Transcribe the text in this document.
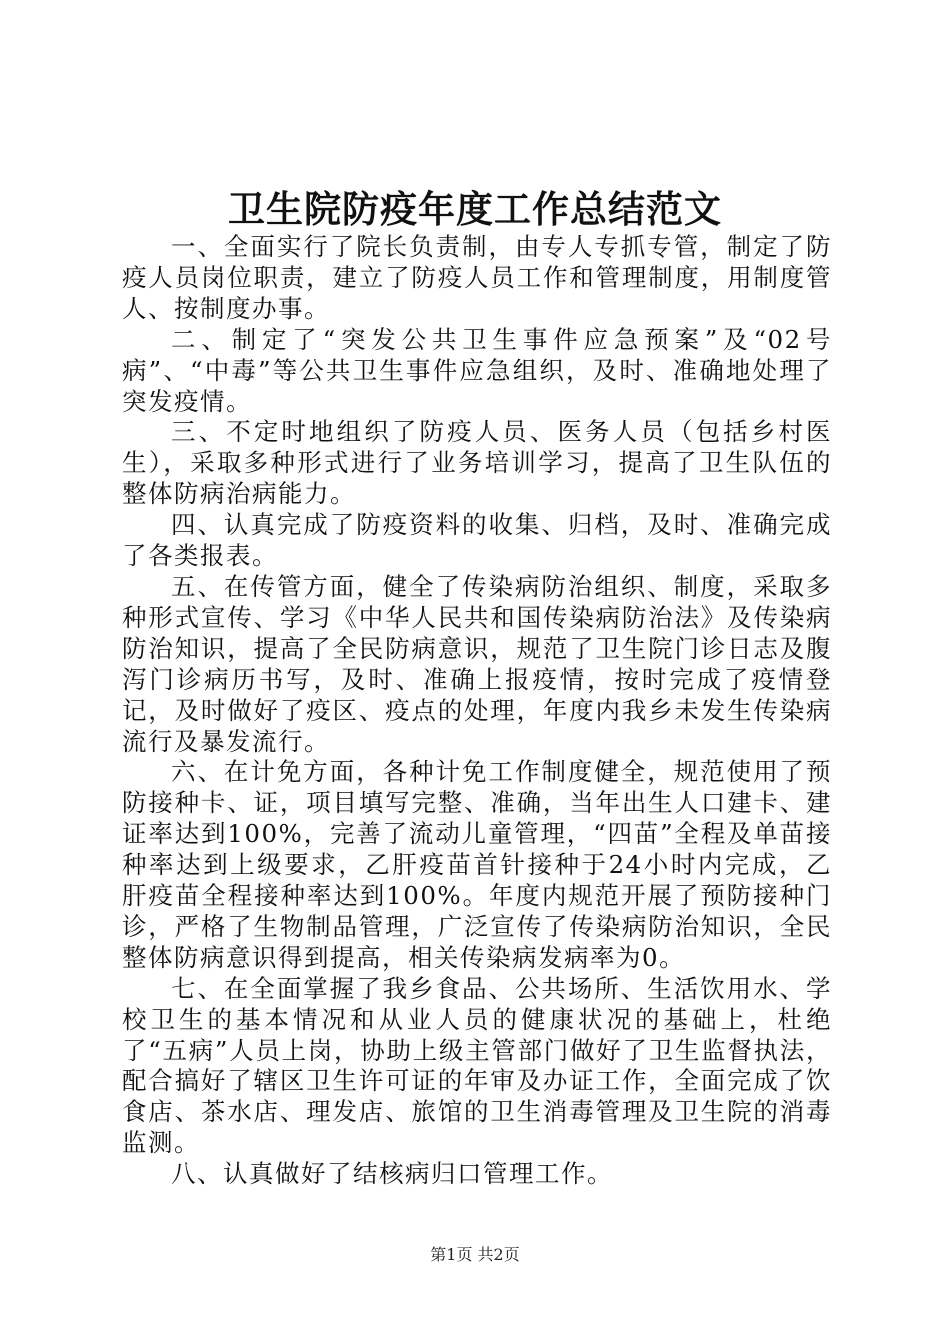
卫生院防疫年度工作总结范文

一、全面实行了院长负责制，由专人专抓专管，制定了防疫人员岗位职责，建立了防疫人员工作和管理制度，用制度管人、按制度办事。

二、制定了“突发公共卫生事件应急预案”及“02号病”、“中毒”等公共卫生事件应急组织，及时、准确地处理了突发疫情。

三、不定时地组织了防疫人员、医务人员（包括乡村医生），采取多种形式进行了业务培训学习，提高了卫生队伍的整体防病治病能力。

四、认真完成了防疫资料的收集、归档，及时、准确完成了各类报表。

五、在传管方面，健全了传染病防治组织、制度，采取多种形式宣传、学习《中华人民共和国传染病防治法》及传染病防治知识，提高了全民防病意识，规范了卫生院门诊日志及腹泻门诊病历书写，及时、准确上报疫情，按时完成了疫情登记，及时做好了疫区、疫点的处理，年度内我乡未发生传染病流行及暴发流行。

六、在计免方面，各种计免工作制度健全，规范使用了预防接种卡、证，项目填写完整、准确，当年出生人口建卡、建证率达到100%，完善了流动儿童管理，“四苗”全程及单苗接种率达到上级要求，乙肝疫苗首针接种于24小时内完成，乙肝疫苗全程接种率达到100%。年度内规范开展了预防接种门诊，严格了生物制品管理，广泛宣传了传染病防治知识，全民整体防病意识得到提高，相关传染病发病率为0。

七、在全面掌握了我乡食品、公共场所、生活饮用水、学校卫生的基本情况和从业人员的健康状况的基础上，杜绝了“五病”人员上岗，协助上级主管部门做好了卫生监督执法，配合搞好了辖区卫生许可证的年审及办证工作，全面完成了饮食店、茶水店、理发店、旅馆的卫生消毒管理及卫生院的消毒监测。

八、认真做好了结核病归口管理工作。

第1页 共2页
